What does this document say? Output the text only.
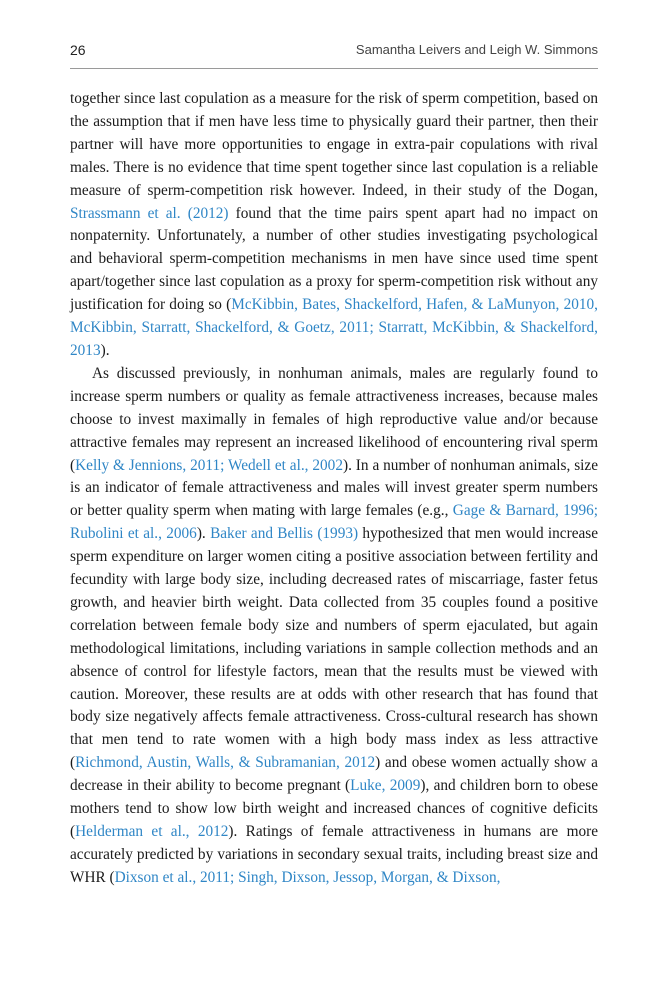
26	Samantha Leivers and Leigh W. Simmons

together since last copulation as a measure for the risk of sperm competition, based on the assumption that if men have less time to physically guard their partner, then their partner will have more opportunities to engage in extra-pair copulations with rival males. There is no evidence that time spent together since last copulation is a reliable measure of sperm-competition risk however. Indeed, in their study of the Dogan, Strassmann et al. (2012) found that the time pairs spent apart had no impact on nonpaternity. Unfortunately, a number of other studies investigating psychological and behavioral sperm-competition mechanisms in men have since used time spent apart/together since last copulation as a proxy for sperm-competition risk without any justification for doing so (McKibbin, Bates, Shackelford, Hafen, & LaMunyon, 2010, McKibbin, Starratt, Shackelford, & Goetz, 2011; Starratt, McKibbin, & Shackelford, 2013).

As discussed previously, in nonhuman animals, males are regularly found to increase sperm numbers or quality as female attractiveness increases, because males choose to invest maximally in females of high reproductive value and/or because attractive females may represent an increased likelihood of encountering rival sperm (Kelly & Jennions, 2011; Wedell et al., 2002). In a number of nonhuman animals, size is an indicator of female attractiveness and males will invest greater sperm numbers or better quality sperm when mating with large females (e.g., Gage & Barnard, 1996; Rubolini et al., 2006). Baker and Bellis (1993) hypothesized that men would increase sperm expenditure on larger women citing a positive association between fertility and fecundity with large body size, including decreased rates of miscarriage, faster fetus growth, and heavier birth weight. Data collected from 35 couples found a positive correlation between female body size and numbers of sperm ejaculated, but again methodological limitations, including variations in sample collection methods and an absence of control for lifestyle factors, mean that the results must be viewed with caution. Moreover, these results are at odds with other research that has found that body size negatively affects female attractiveness. Cross-cultural research has shown that men tend to rate women with a high body mass index as less attractive (Richmond, Austin, Walls, & Subramanian, 2012) and obese women actually show a decrease in their ability to become pregnant (Luke, 2009), and children born to obese mothers tend to show low birth weight and increased chances of cognitive deficits (Helderman et al., 2012). Ratings of female attractiveness in humans are more accurately predicted by variations in secondary sexual traits, including breast size and WHR (Dixson et al., 2011; Singh, Dixson, Jessop, Morgan, & Dixson,
